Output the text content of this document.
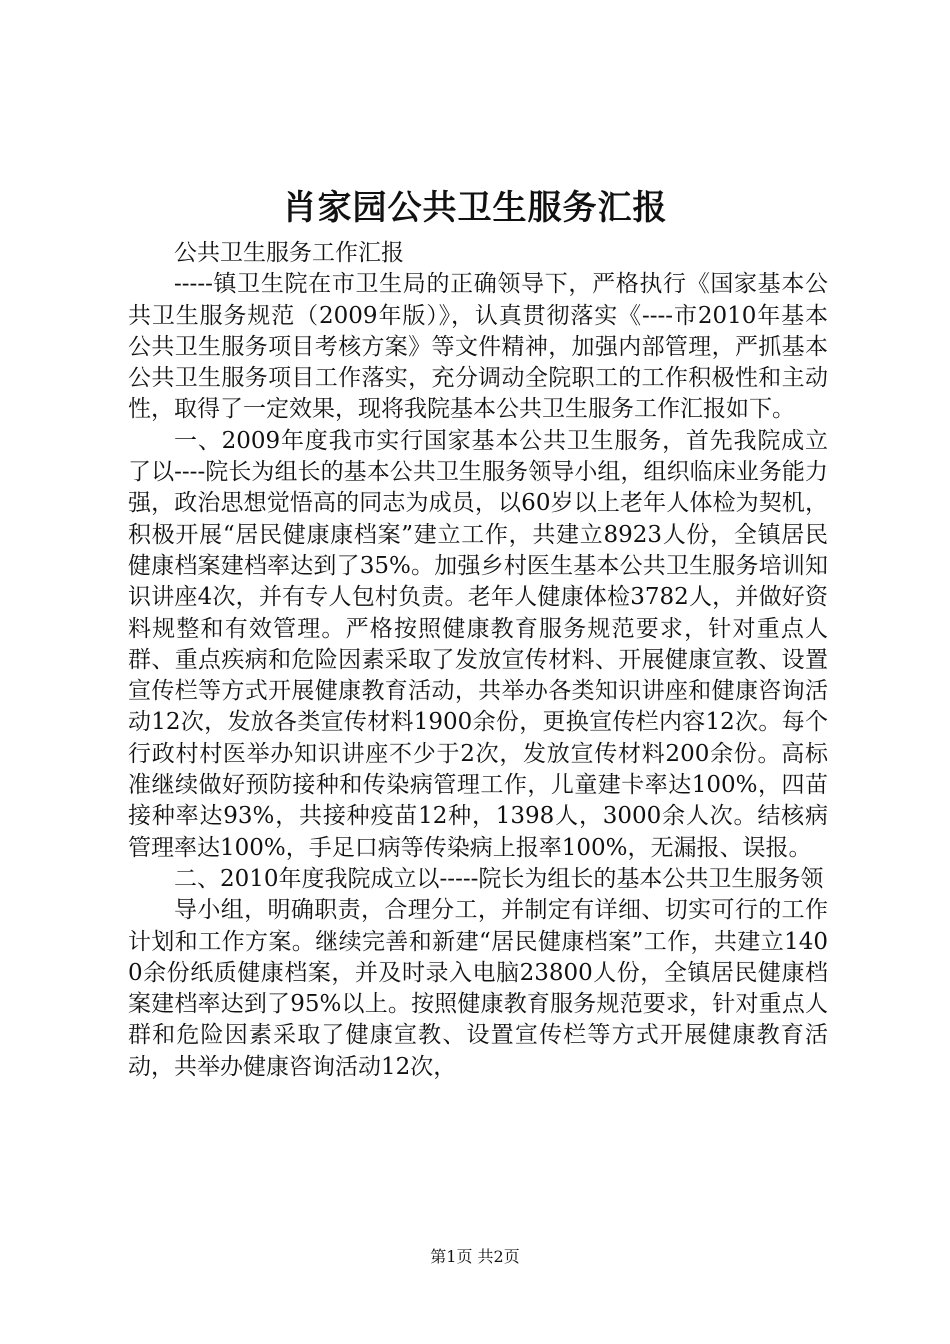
肖家园公共卫生服务汇报

公共卫生服务工作汇报

-----镇卫生院在市卫生局的正确领导下，严格执行《国家基本公共卫生服务规范（2009年版）》，认真贯彻落实《----市2010年基本公共卫生服务项目考核方案》等文件精神，加强内部管理，严抓基本公共卫生服务项目工作落实，充分调动全院职工的工作积极性和主动性，取得了一定效果，现将我院基本公共卫生服务工作汇报如下。

一、2009年度我市实行国家基本公共卫生服务，首先我院成立了以----院长为组长的基本公共卫生服务领导小组，组织临床业务能力强，政治思想觉悟高的同志为成员，以60岁以上老年人体检为契机，积极开展“居民健康康档案”建立工作，共建立8923人份，全镇居民健康档案建档率达到了35%。加强乡村医生基本公共卫生服务培训知识讲座4次，并有专人包村负责。老年人健康体检3782人，并做好资料规整和有效管理。严格按照健康教育服务规范要求，针对重点人群、重点疾病和危险因素采取了发放宣传材料、开展健康宣教、设置宣传栏等方式开展健康教育活动，共举办各类知识讲座和健康咨询活动12次，发放各类宣传材料1900余份，更换宣传栏内容12次。每个行政村村医举办知识讲座不少于2次，发放宣传材料200余份。高标准继续做好预防接种和传染病管理工作，儿童建卡率达100%，四苗接种率达93%，共接种疫苗12种，1398人，3000余人次。结核病管理率达100%，手足口病等传染病上报率100%，无漏报、误报。

二、2010年度我院成立以-----院长为组长的基本公共卫生服务领

导小组，明确职责，合理分工，并制定有详细、切实可行的工作计划和工作方案。继续完善和新建“居民健康档案”工作，共建立1400余份纸质健康档案，并及时录入电脑23800人份，全镇居民健康档案建档率达到了95%以上。按照健康教育服务规范要求，针对重点人群和危险因素采取了健康宣教、设置宣传栏等方式开展健康教育活动，共举办健康咨询活动12次，

第1页 共2页
